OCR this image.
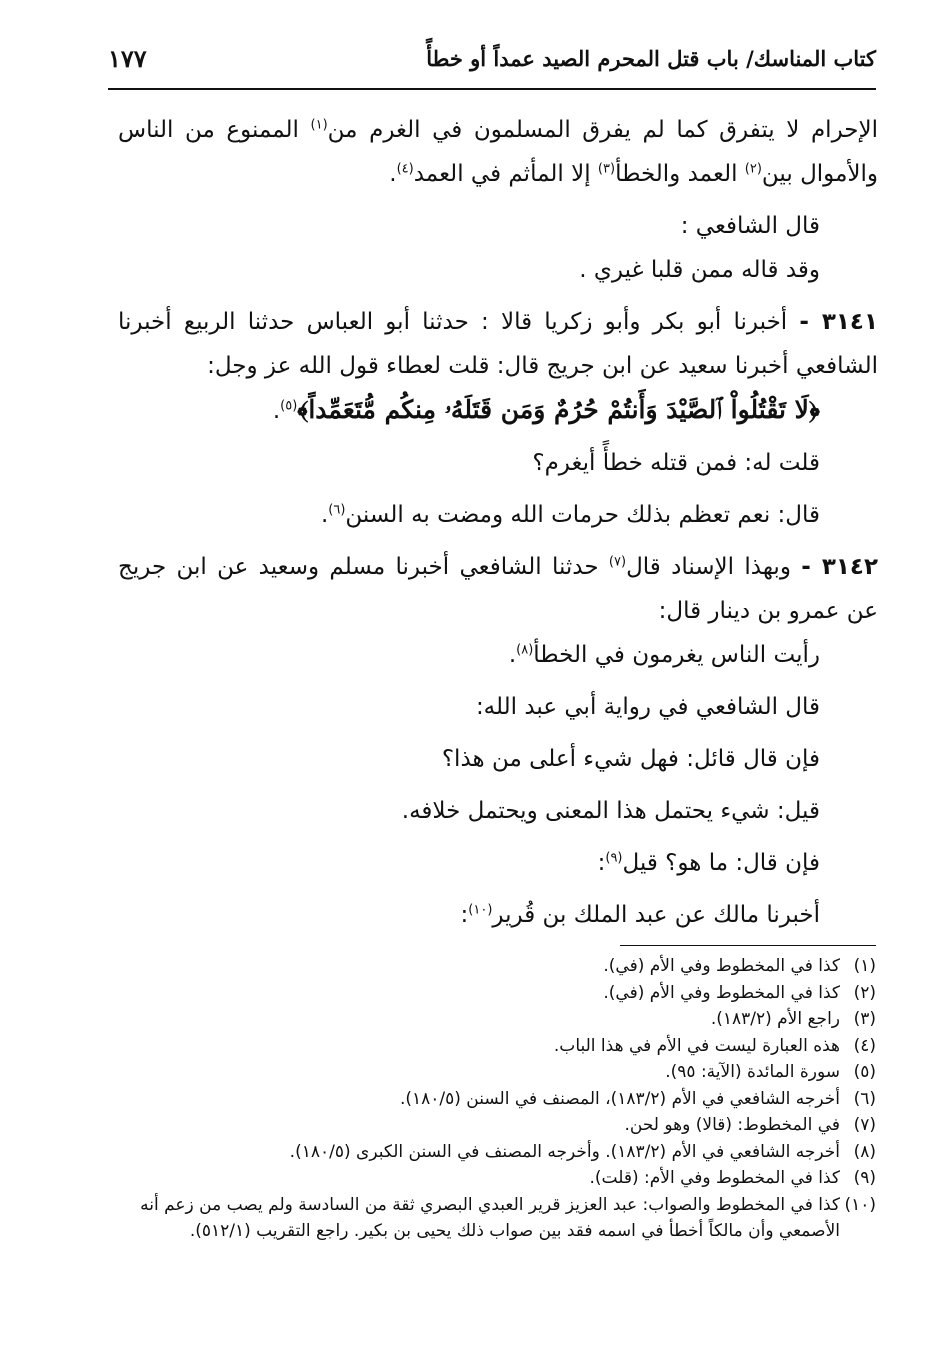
كتاب المناسك/ باب قتل المحرم الصيد عمداً أو خطأً
١٧٧

الإحرام لا يتفرق كما لم يفرق المسلمون في الغرم من$^{(١)}$ الممنوع من الناس والأموال بين$^{(٢)}$ العمد والخطأ$^{(٣)}$ إلا المأثم في العمد$^{(٤)}$.

قال الشافعي :

وقد قاله ممن قلبا غيري .

٣١٤١ - أخبرنا أبو بكر وأبو زكريا قالا : حدثنا أبو العباس حدثنا الربيع أخبرنا الشافعي أخبرنا سعيد عن ابن جريج قال: قلت لعطاء قول الله عز وجل:

﴿لَا تَقْتُلُواْ ٱلصَّيْدَ وَأَنتُمْ حُرُمٌ وَمَن قَتَلَهُۥ مِنكُم مُّتَعَمِّداً﴾$^{(٥)}$.

قلت له: فمن قتله خطأً أيغرم؟

قال: نعم تعظم بذلك حرمات الله ومضت به السنن$^{(٦)}$.

٣١٤٢ - وبهذا الإسناد قال$^{(٧)}$ حدثنا الشافعي أخبرنا مسلم وسعيد عن ابن جريج عن عمرو بن دينار قال:

رأيت الناس يغرمون في الخطأ$^{(٨)}$.

قال الشافعي في رواية أبي عبد الله:

فإن قال قائل: فهل شيء أعلى من هذا؟

قيل: شيء يحتمل هذا المعنى ويحتمل خلافه.

فإن قال: ما هو؟ قيل$^{(٩)}$:

أخبرنا مالك عن عبد الملك بن قُرير$^{(١٠)}$:

(١)كذا في المخطوط وفي الأم (في).

(٢)كذا في المخطوط وفي الأم (في).

(٣)راجع الأم (١٨٣/٢).

(٤)هذه العبارة ليست في الأم في هذا الباب.

(٥)سورة المائدة (الآية: ٩٥).

(٦)أخرجه الشافعي في الأم (١٨٣/٢)، المصنف في السنن (١٨٠/٥).

(٧)في المخطوط: (قالا) وهو لحن.

(٨)أخرجه الشافعي في الأم (١٨٣/٢). وأخرجه المصنف في السنن الكبرى (١٨٠/٥).

(٩)كذا في المخطوط وفي الأم: (قلت).

(١٠)كذا في المخطوط والصواب: عبد العزيز قرير العبدي البصري ثقة من السادسة ولم يصب من زعم أنه

الأصمعي وأن مالكاً أخطأ في اسمه فقد بين صواب ذلك يحيى بن بكير. راجع التقريب (٥١٢/١).
